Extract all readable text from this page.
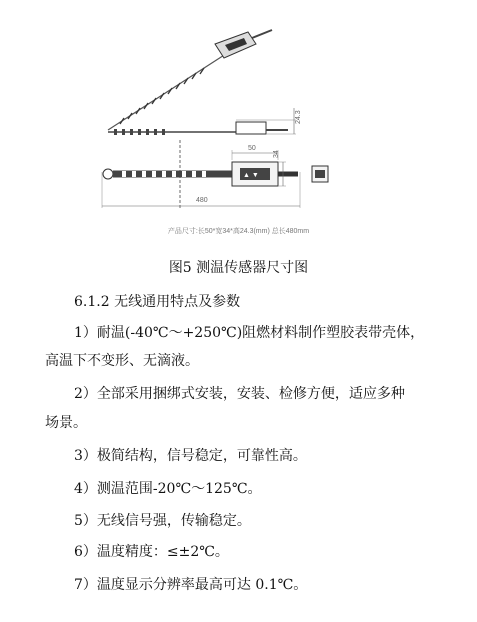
24.3
480
▲ ▼
50
34
产品尺寸:长50*宽34*高24.3(mm) 总长480mm
图5 测温传感器尺寸图
6.1.2 无线通用特点及参数
1）耐温(-40℃～+250℃)阻燃材料制作塑胶表带壳体，
高温下不变形、无滴液。
2）全部采用捆绑式安装，安装、检修方便，适应多种
场景。
3）极简结构，信号稳定，可靠性高。
4）测温范围-20℃～125℃。
5）无线信号强，传输稳定。
6）温度精度：≤±2℃。
7）温度显示分辨率最高可达 0.1℃。
